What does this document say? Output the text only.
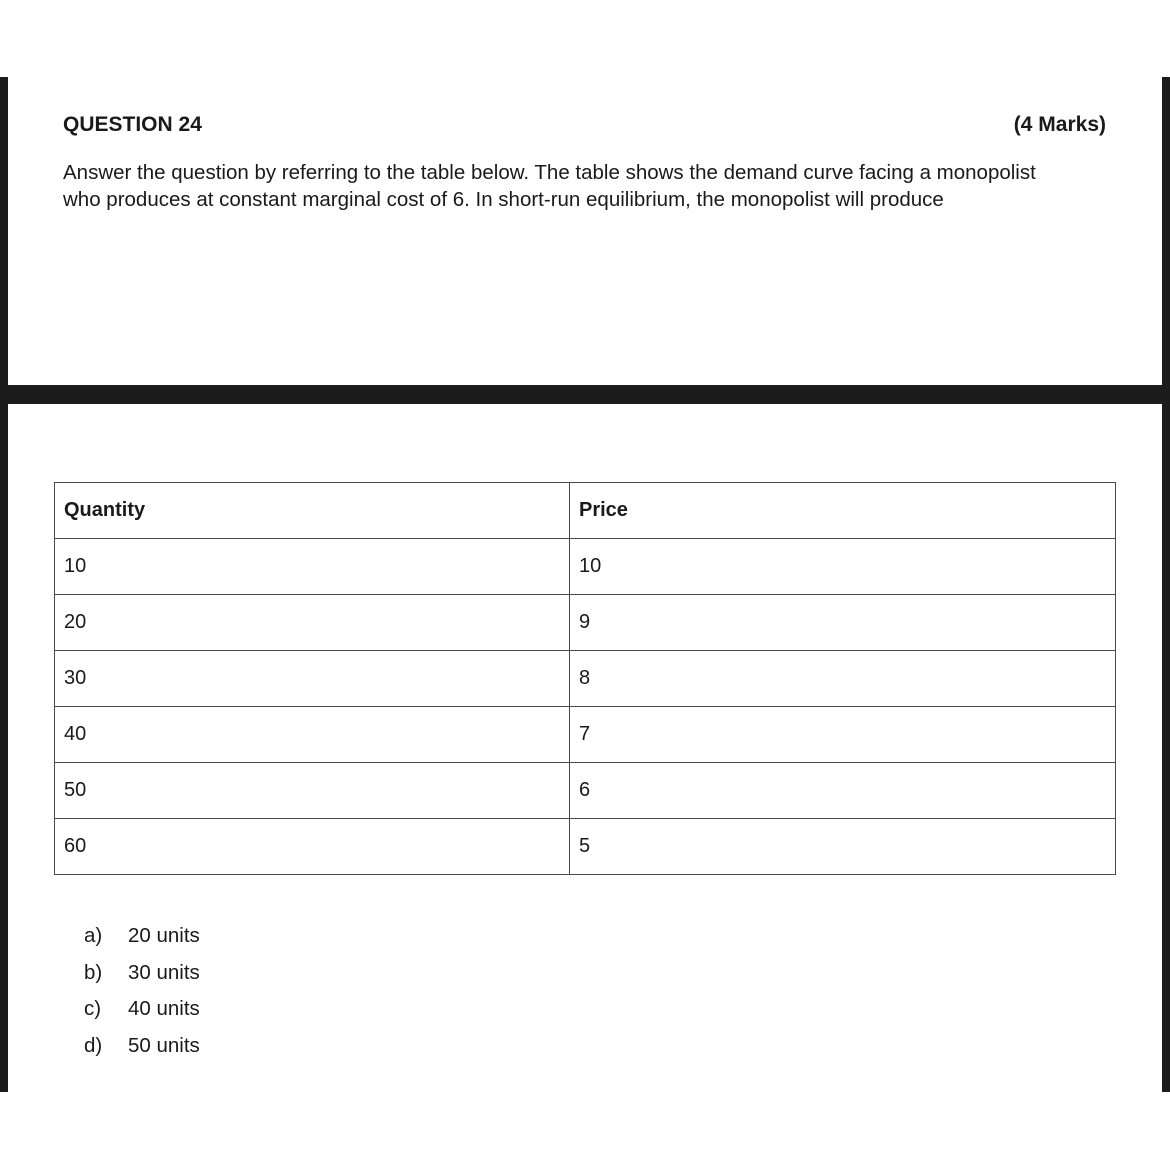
QUESTION 24	(4 Marks)
Answer the question by referring to the table below. The table shows the demand curve facing a monopolist
who produces at constant marginal cost of 6. In short-run equilibrium, the monopolist will produce
Quantity	Price
10	10
20	9
30	8
40	7
50	6
60	5
a)	20 units
b)	30 units
c)	40 units
d)	50 units
